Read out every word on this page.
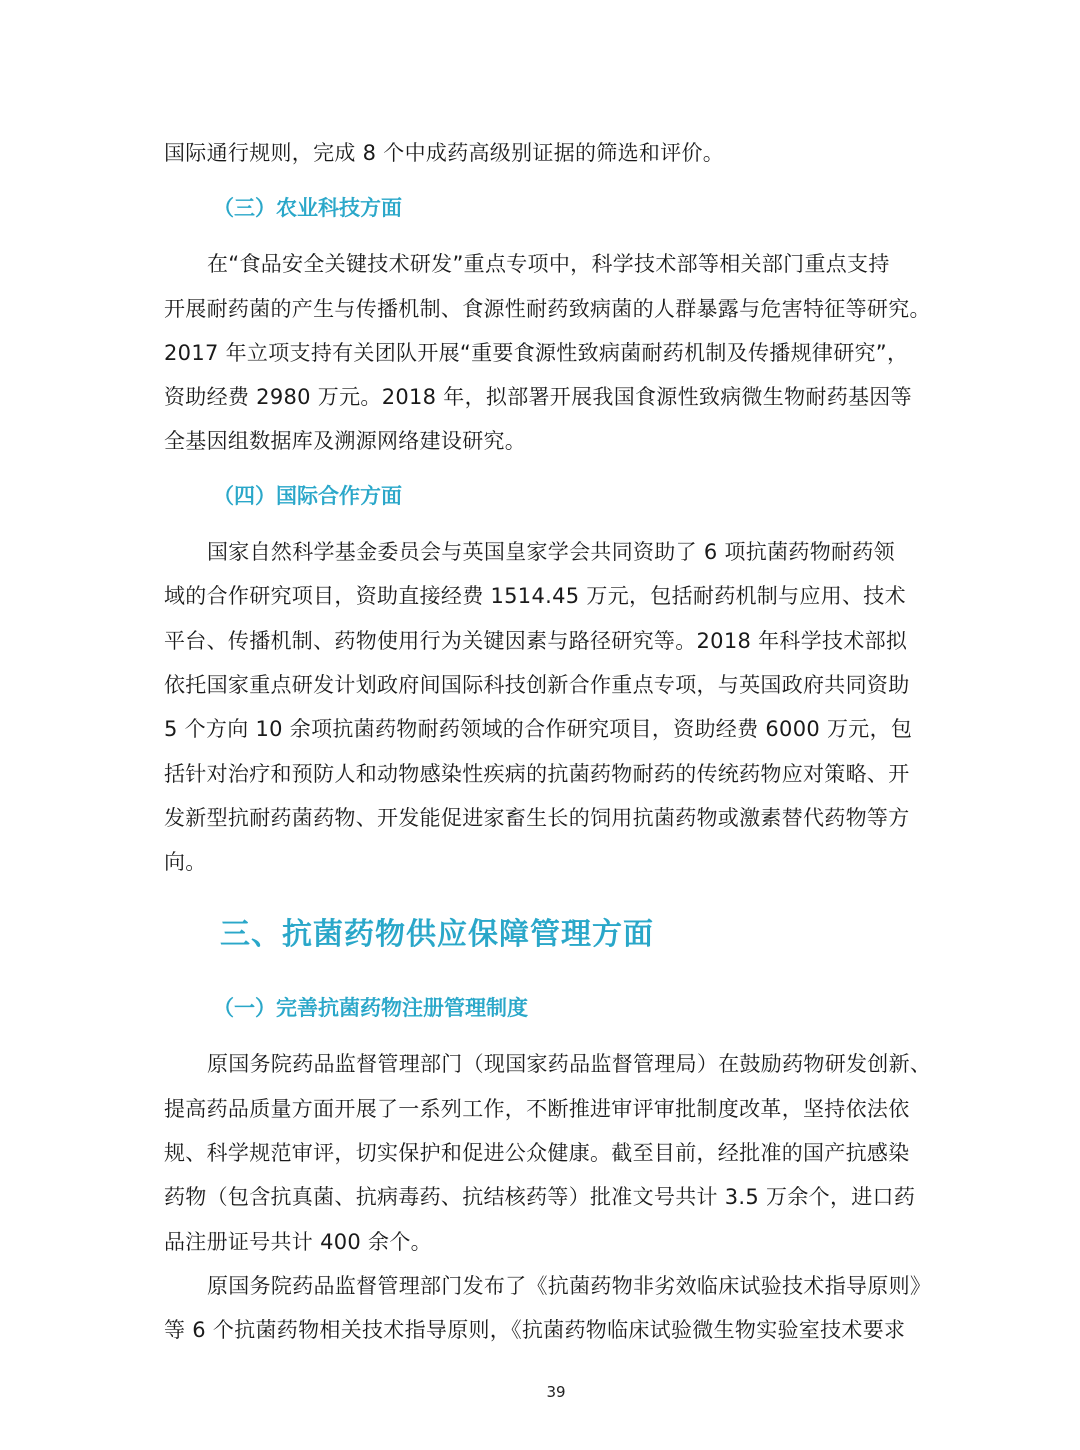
国际通行规则，完成 8 个中成药高级别证据的筛选和评价。
（三）农业科技方面
在“食品安全关键技术研发”重点专项中，科学技术部等相关部门重点支持
开展耐药菌的产生与传播机制、食源性耐药致病菌的人群暴露与危害特征等研究。
2017 年立项支持有关团队开展“重要食源性致病菌耐药机制及传播规律研究”，
资助经费 2980 万元。2018 年，拟部署开展我国食源性致病微生物耐药基因等
全基因组数据库及溯源网络建设研究。
（四）国际合作方面
国家自然科学基金委员会与英国皇家学会共同资助了 6 项抗菌药物耐药领
域的合作研究项目，资助直接经费 1514.45 万元，包括耐药机制与应用、技术
平台、传播机制、药物使用行为关键因素与路径研究等。2018 年科学技术部拟
依托国家重点研发计划政府间国际科技创新合作重点专项，与英国政府共同资助
5 个方向 10 余项抗菌药物耐药领域的合作研究项目，资助经费 6000 万元，包
括针对治疗和预防人和动物感染性疾病的抗菌药物耐药的传统药物应对策略、开
发新型抗耐药菌药物、开发能促进家畜生长的饲用抗菌药物或激素替代药物等方
向。
三、抗菌药物供应保障管理方面
（一）完善抗菌药物注册管理制度
原国务院药品监督管理部门（现国家药品监督管理局）在鼓励药物研发创新、
提高药品质量方面开展了一系列工作，不断推进审评审批制度改革，坚持依法依
规、科学规范审评，切实保护和促进公众健康。截至目前，经批准的国产抗感染
药物（包含抗真菌、抗病毒药、抗结核药等）批准文号共计 3.5 万余个，进口药
品注册证号共计 400 余个。
原国务院药品监督管理部门发布了《抗菌药物非劣效临床试验技术指导原则》
等 6 个抗菌药物相关技术指导原则，《抗菌药物临床试验微生物实验室技术要求
39
